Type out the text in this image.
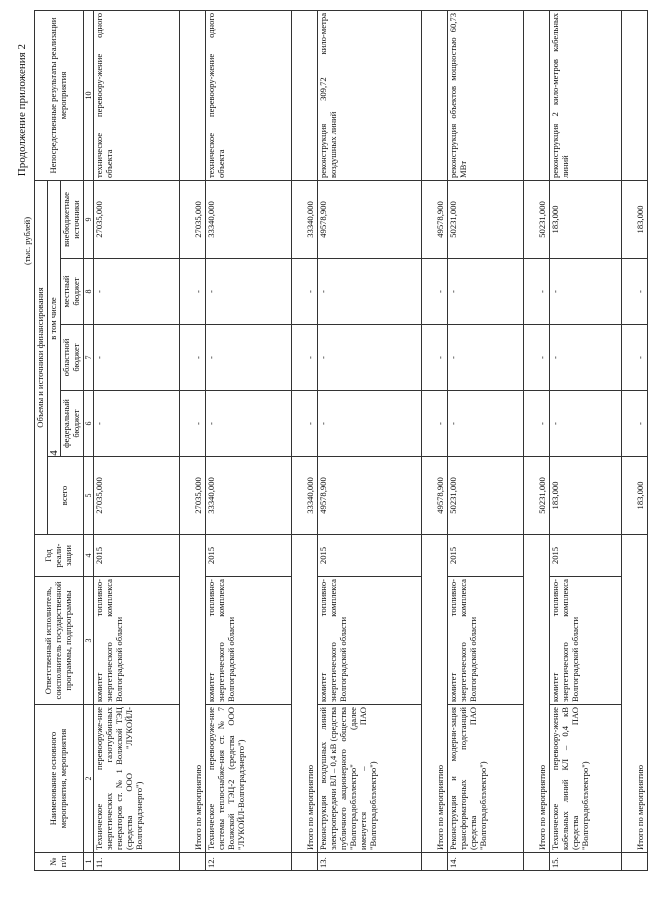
4
Продолжение приложения 2
(тыс. рублей)
№ п/п	Наименование основного мероприятия, мероприятия	Ответственный исполнитель, соисполнитель государственной программы, подпрограммы	Год реали-зации	Объемы и источники финансирования					Непосредственные результаты реализации мероприятия
				всего	в том числе				
					федеральный бюджет	областной бюджет	местный бюджет	внебюджетные источники	
1	2	3	4	5	6	7	8	9	10
11.	Техническое перевооруже-ние энергетических газотурбинных генераторов ст. № 1 Волжской ТЭЦ (средства ООО "ЛУКОЙЛ-Волгоградэнерго")	комитет топливно-энергетического комплекса Волгоградской области	2015	27035,000	-	-	-	27035,000	техническое перевоору-жение одного объекта
	Итого по мероприятию			27035,000	-	-	-	27035,000	
12.	Техническое перевооруже-ние системы теплоснабже-ния ст. № 7 Волжской ТЭЦ-2 (средства ООО "ЛУКОЙЛ-Волгоградэнерго")	комитет топливно-энергетического комплекса Волгоградской области	2015	33340,000	-	-	-	33340,000	техническое перевоору-жение одного объекта
	Итого по мероприятию			33340,000	-	-	-	33340,000	
13.	Реконструкция воздушных линий электропередачи ВЛ – 0,4 кВ (средства публичного акционерного общества "Волгоградоблэлектро" (далее именуется – ПАО "Волгоградоблэлектро")	комитет топливно-энергетического комплекса Волгоградской области	2015	49578,900	-	-	-	49578,900	реконструкция 309,72 кило-метра воздушных линий
	Итого по мероприятию			49578,900	-	-	-	49578,900	
14.	Реконструкция и модерни-зация трансформаторных подстанций (средства ПАО "Волгоградоблэлектро")	комитет топливно-энергетического комплекса Волгоградской области	2015	50231,000	-	-	-	50231,000	реконструкция объектов мощностью 60,73 МВт
	Итого по мероприятию			50231,000	-	-	-	50231,000	
15.	Техническое перевоору-жение кабельных линий КЛ – 0,4 кВ (средства ПАО "Волгоградоблэлектро")	комитет топливно-энергетического комплекса Волгоградской области	2015	183,000	-	-	-	183,000	реконструкция 2 кило-метров кабельных линий
	Итого по мероприятию			183,000	-	-	-	183,000	
